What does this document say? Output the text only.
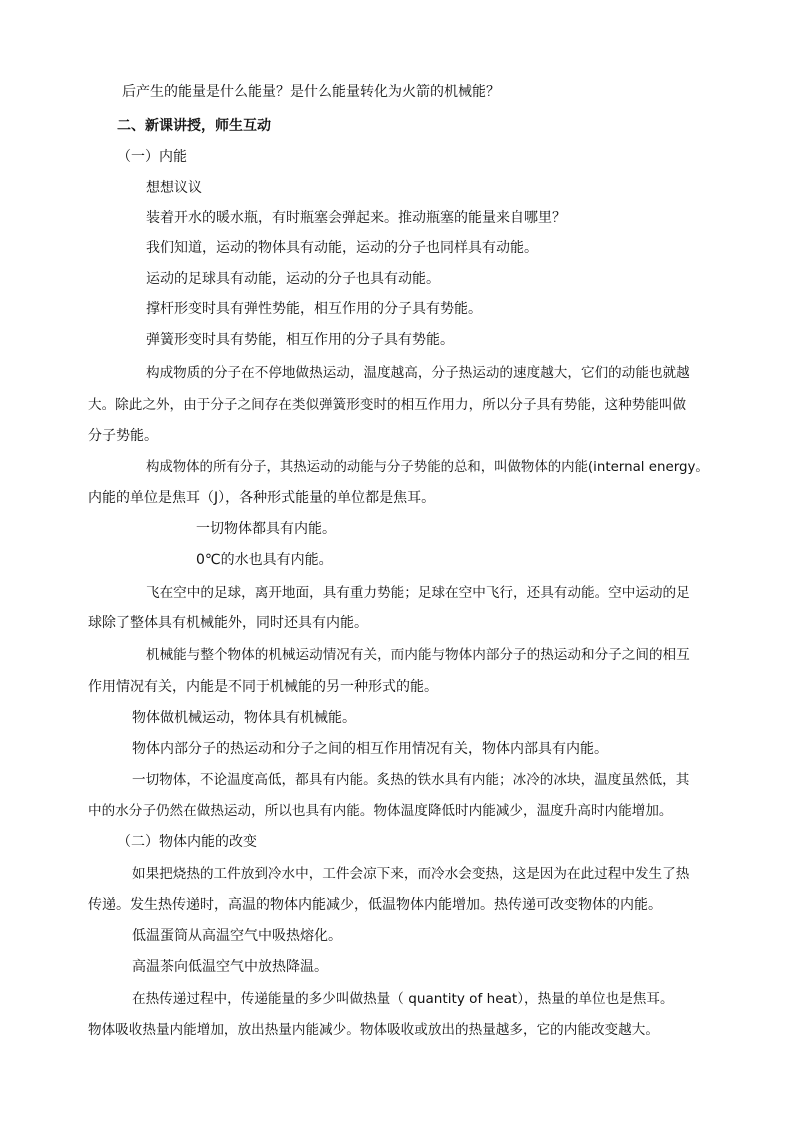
后产生的能量是什么能量？是什么能量转化为火箭的机械能？
二、新课讲授，师生互动
（一）内能
想想议议
装着开水的暖水瓶，有时瓶塞会弹起来。推动瓶塞的能量来自哪里？
我们知道，运动的物体具有动能，运动的分子也同样具有动能。
运动的足球具有动能，运动的分子也具有动能。
撑杆形变时具有弹性势能，相互作用的分子具有势能。
弹簧形变时具有势能，相互作用的分子具有势能。
构成物质的分子在不停地做热运动，温度越高，分子热运动的速度越大，它们的动能也就越
大。除此之外，由于分子之间存在类似弹簧形变时的相互作用力，所以分子具有势能，这种势能叫做
分子势能。
构成物体的所有分子，其热运动的动能与分子势能的总和，叫做物体的内能(internal energy。
内能的单位是焦耳（J），各种形式能量的单位都是焦耳。
一切物体都具有内能。
0℃的水也具有内能。
飞在空中的足球，离开地面，具有重力势能；足球在空中飞行，还具有动能。空中运动的足
球除了整体具有机械能外，同时还具有内能。
机械能与整个物体的机械运动情况有关，而内能与物体内部分子的热运动和分子之间的相互
作用情况有关，内能是不同于机械能的另一种形式的能。
物体做机械运动，物体具有机械能。
物体内部分子的热运动和分子之间的相互作用情况有关，物体内部具有内能。
一切物体，不论温度高低，都具有内能。炙热的铁水具有内能；冰冷的冰块，温度虽然低，其
中的水分子仍然在做热运动，所以也具有内能。物体温度降低时内能减少，温度升高时内能增加。
（二）物体内能的改变
如果把烧热的工件放到冷水中，工件会凉下来，而冷水会变热，这是因为在此过程中发生了热
传递。发生热传递时，高温的物体内能减少，低温物体内能增加。热传递可改变物体的内能。
低温蛋筒从高温空气中吸热熔化。
高温茶向低温空气中放热降温。
在热传递过程中，传递能量的多少叫做热量（ quantity of heat），热量的单位也是焦耳。
物体吸收热量内能增加，放出热量内能减少。物体吸收或放出的热量越多，它的内能改变越大。
